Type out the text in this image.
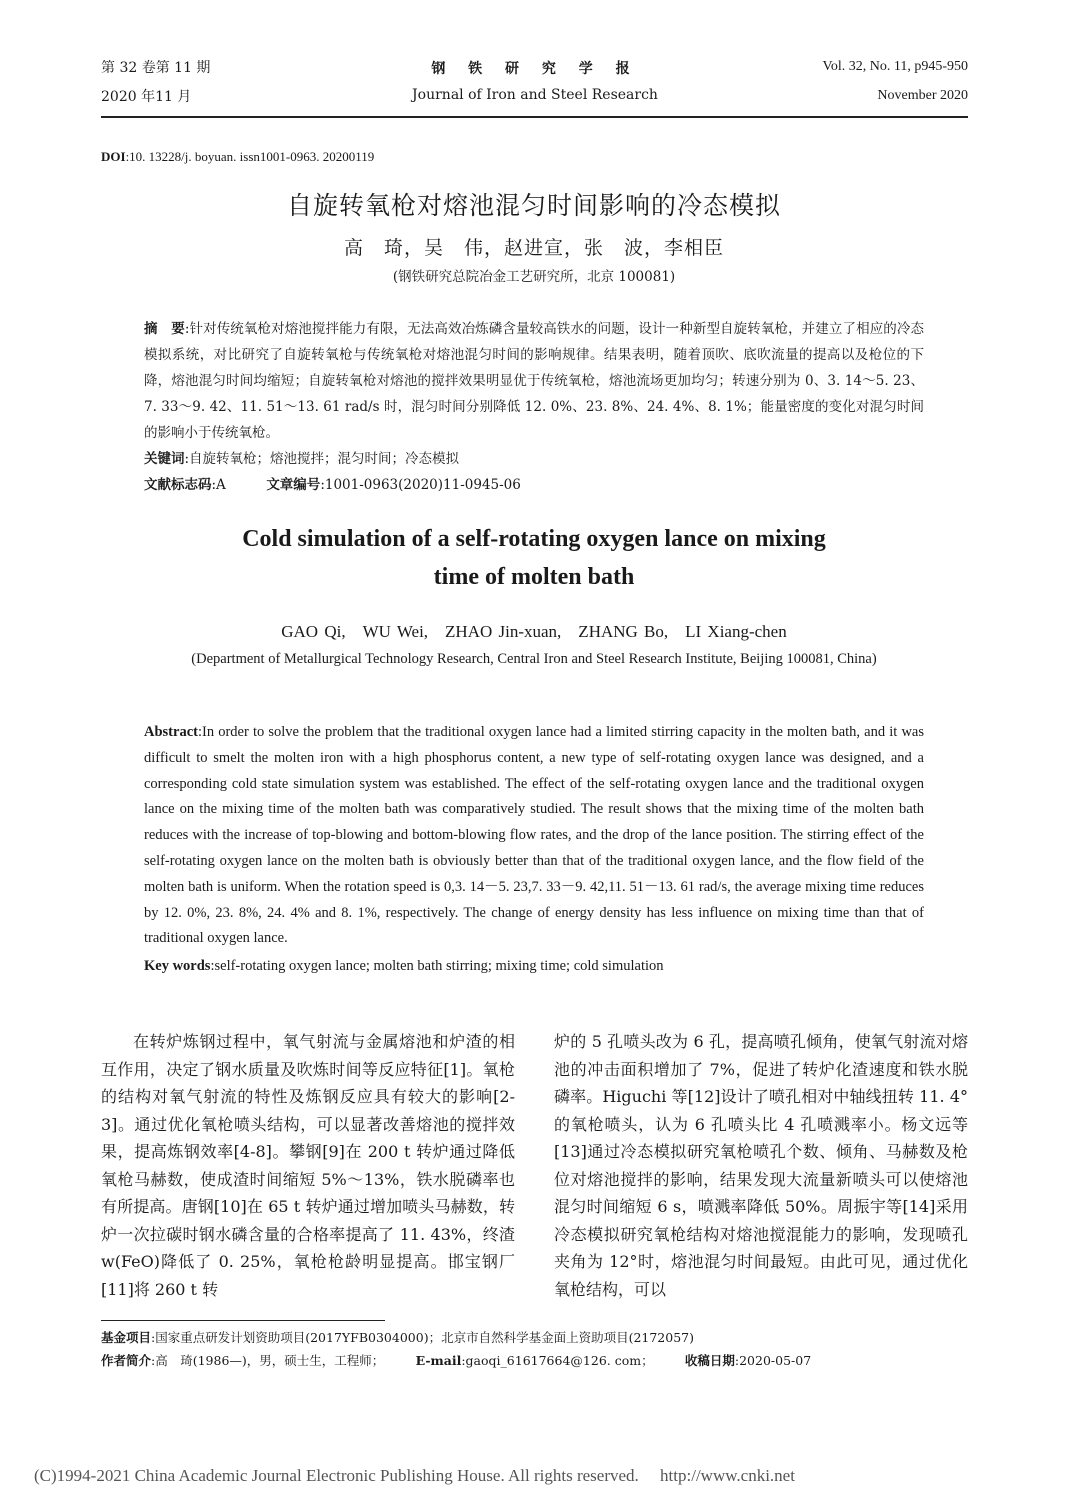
第 32 卷第 11 期
2020 年11 月
钢 铁 研 究 学 报
Journal of Iron and Steel Research
Vol. 32, No. 11, p945-950
November 2020
DOI:10. 13228/j. boyuan. issn1001-0963. 20200119
自旋转氧枪对熔池混匀时间影响的冷态模拟
高　琦，吴　伟，赵进宣，张　波，李相臣
(钢铁研究总院冶金工艺研究所，北京 100081)

摘　要:针对传统氧枪对熔池搅拌能力有限，无法高效冶炼磷含量较高铁水的问题，设计一种新型自旋转氧枪，并建立了相应的冷态模拟系统，对比研究了自旋转氧枪与传统氧枪对熔池混匀时间的影响规律。结果表明，随着顶吹、底吹流量的提高以及枪位的下降，熔池混匀时间均缩短；自旋转氧枪对熔池的搅拌效果明显优于传统氧枪，熔池流场更加均匀；转速分别为 0、3. 14～5. 23、7. 33～9. 42、11. 51～13. 61 rad/s 时，混匀时间分别降低 12. 0%、23. 8%、24. 4%、8. 1%；能量密度的变化对混匀时间的影响小于传统氧枪。

关键词:自旋转氧枪；熔池搅拌；混匀时间；冷态模拟

文献标志码:A　　　	文章编号:1001-0963(2020)11-0945-06

Cold simulation of a self-rotating oxygen lance on mixing
time of molten bath
GAO Qi,　WU Wei,　ZHAO Jin-xuan,　ZHANG Bo,　LI Xiang-chen
(Department of Metallurgical Technology Research, Central Iron and Steel Research Institute, Beijing 100081, China)

Abstract:In order to solve the problem that the traditional oxygen lance had a limited stirring capacity in the molten bath, and it was difficult to smelt the molten iron with a high phosphorus content, a new type of self-rotating oxygen lance was designed, and a corresponding cold state simulation system was established. The effect of the self-rotating oxygen lance and the traditional oxygen lance on the mixing time of the molten bath was comparatively studied. The result shows that the mixing time of the molten bath reduces with the increase of top-blowing and bottom-blowing flow rates, and the drop of the lance position. The stirring effect of the self-rotating oxygen lance on the molten bath is obviously better than that of the traditional oxygen lance, and the flow field of the molten bath is uniform. When the rotation speed is 0,3. 14－5. 23,7. 33－9. 42,11. 51－13. 61 rad/s, the average mixing time reduces by 12. 0%, 23. 8%, 24. 4% and 8. 1%, respectively. The change of energy density has less influence on mixing time than that of traditional oxygen lance.

Key words:self-rotating oxygen lance; molten bath stirring; mixing time; cold simulation

在转炉炼钢过程中，氧气射流与金属熔池和炉渣的相互作用，决定了钢水质量及吹炼时间等反应特征[1]。氧枪的结构对氧气射流的特性及炼钢反应具有较大的影响[2-3]。通过优化氧枪喷头结构，可以显著改善熔池的搅拌效果，提高炼钢效率[4-8]。攀钢[9]在 200 t 转炉通过降低氧枪马赫数，使成渣时间缩短 5%～13%，铁水脱磷率也有所提高。唐钢[10]在 65 t 转炉通过增加喷头马赫数，转炉一次拉碳时钢水磷含量的合格率提高了 11. 43%，终渣 w(FeO)降低了 0. 25%，氧枪枪龄明显提高。邯宝钢厂[11]将 260 t 转

炉的 5 孔喷头改为 6 孔，提高喷孔倾角，使氧气射流对熔池的冲击面积增加了 7%，促进了转炉化渣速度和铁水脱磷率。Higuchi 等[12]设计了喷孔相对中轴线扭转 11. 4°的氧枪喷头，认为 6 孔喷头比 4 孔喷溅率小。杨文远等[13]通过冷态模拟研究氧枪喷孔个数、倾角、马赫数及枪位对熔池搅拌的影响，结果发现大流量新喷头可以使熔池混匀时间缩短 6 s，喷溅率降低 50%。周振宇等[14]采用冷态模拟研究氧枪结构对熔池搅混能力的影响，发现喷孔夹角为 12°时，熔池混匀时间最短。由此可见，通过优化氧枪结构，可以

基金项目:国家重点研发计划资助项目(2017YFB0304000)；北京市自然科学基金面上资助项目(2172057)

作者简介:高　琦(1986—)，男，硕士生，工程师；　　　	E-mail:gaoqi_61617664@126. com；　　　	收稿日期:2020-05-07

(C)1994-2021 China Academic Journal Electronic Publishing House. All rights reserved.　 http://www.cnki.net
